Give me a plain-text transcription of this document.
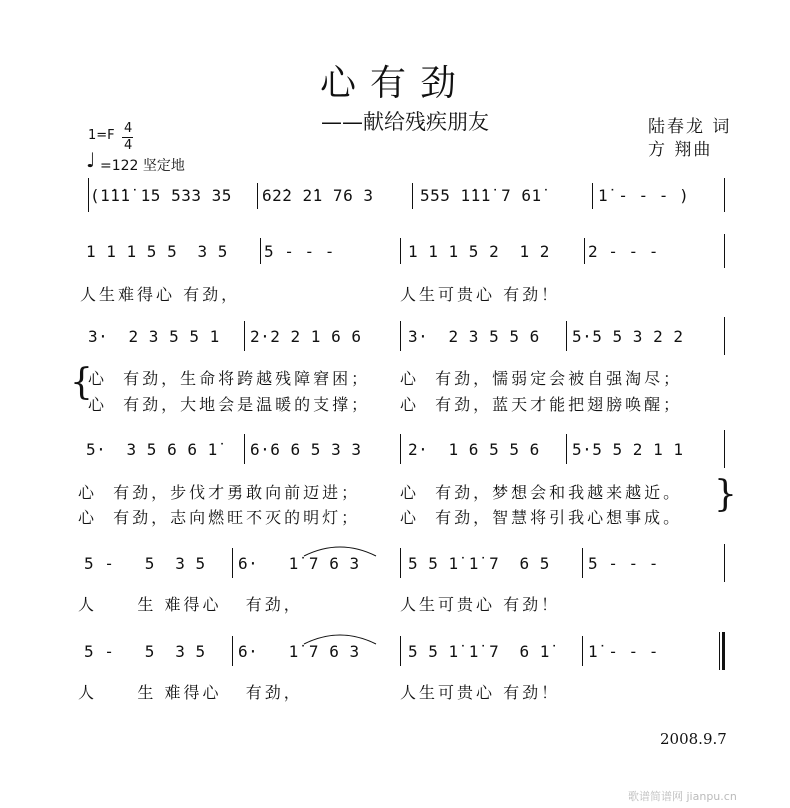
心有劲
——献给残疾朋友	陆春龙 词
方 翔曲
1=F 4
4
♩ =122 坚定地
(1̇1̇1̇ 15 533 35 62̇2 2̇1 76 3	555 1̇1̇1̇ 7 61̇	1̇ - - - )
1 1 1 5 5  3 5 5 - - -	1 1 1 5 2  1 2 2 - - -
人生难得心 有劲，	人生可贵心 有劲！
3·  2 3 5 5 1 2·2 2 1 6 6	3·  2 3 5 5 6 5·5 5 3 2 2
{
心  有劲，生命将跨越残障窘困； 心  有劲，懦弱定会被自强淘尽；
心  有劲，大地会是温暖的支撑； 心  有劲，蓝天才能把翅膀唤醒；
5·  3 5 6 6 1̇ 6·6 6 5 3 3	2·  1 6 5 5 6 5·5 5 2 1 1
心  有劲，步伐才勇敢向前迈进； 心  有劲，梦想会和我越来越近。
心  有劲，志向燃旺不灭的明灯； 心  有劲，智慧将引我心想事成。
}
5 -   5  3 5 6·   1̇ 7 6 3	5 5 1̇ 1̇ 7  6 5 5 - - -
人     生 难得心   有劲，	人生可贵心 有劲！
5 -   5  3 5 6·   1̇ 7 6 3	5 5 1̇ 1̇ 7  6 1̇ 1̇ - - -
人     生 难得心   有劲，	人生可贵心 有劲！
2008.9.7
歌谱简谱网 jianpu.cn
